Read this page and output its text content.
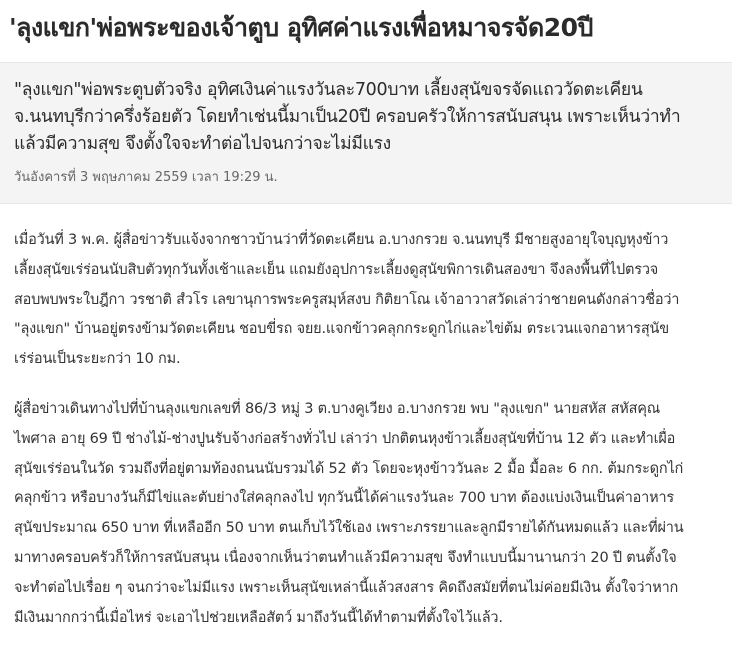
'ลุงแขก'พ่อพระของเจ้าตูบ อุทิศค่าแรงเพื่อหมาจรจัด20ปี

"ลุงแขก"พ่อพระตูบตัวจริง อุทิศเงินค่าแรงวันละ700บาท เลี้ยงสุนัขจรจัดแถววัดตะเคียน
จ.นนทบุรีกว่าครึ่งร้อยตัว โดยทำเช่นนี้มาเป็น20ปี ครอบครัวให้การสนับสนุน เพราะเห็นว่าทำ
แล้วมีความสุข จึงตั้งใจจะทำต่อไปจนกว่าจะไม่มีแรง

วันอังคารที่ 3 พฤษภาคม 2559 เวลา 19:29 น.

เมื่อวันที่ 3 พ.ค. ผู้สื่อข่าวรับแจ้งจากชาวบ้านว่าที่วัดตะเคียน อ.บางกรวย จ.นนทบุรี มีชายสูงอายุใจบุญหุงข้าว
เลี้ยงสุนัขเร่ร่อนนับสิบตัวทุกวันทั้งเช้าและเย็น แถมยังอุปการะเลี้ยงดูสุนัขพิการเดินสองขา จึงลงพื้นที่ไปตรวจ
สอบพบพระใบฎีกา วรชาติ สํวโร เลขานุการพระครูสมุห์สงบ กิติยาโณ เจ้าอาวาสวัดเล่าว่าชายคนดังกล่าวชื่อว่า
"ลุงแขก" บ้านอยู่ตรงข้ามวัดตะเคียน ชอบขี่รถ จยย.แจกข้าวคลุกกระดูกไก่และไข่ต้ม ตระเวนแจกอาหารสุนัข
เร่ร่อนเป็นระยะกว่า 10 กม.

ผู้สื่อข่าวเดินทางไปที่บ้านลุงแขกเลขที่ 86/3 หมู่ 3 ต.บางคูเวียง อ.บางกรวย พบ "ลุงแขก" นายสหัส สหัสคุณ
ไพศาล อายุ 69 ปี ช่างไม้-ช่างปูนรับจ้างก่อสร้างทั่วไป เล่าว่า ปกติตนหุงข้าวเลี้ยงสุนัขที่บ้าน 12 ตัว และทำเผื่อ
สุนัขเร่ร่อนในวัด รวมถึงที่อยู่ตามท้องถนนนับรวมได้ 52 ตัว โดยจะหุงข้าววันละ 2 มื้อ มื้อละ 6 กก. ต้มกระดูกไก่
คลุกข้าว หรือบางวันก็มีไข่และตับย่างใส่คลุกลงไป ทุกวันนี้ได้ค่าแรงวันละ 700 บาท ต้องแบ่งเงินเป็นค่าอาหาร
สุนัขประมาณ 650 บาท ที่เหลืออีก 50 บาท ตนเก็บไว้ใช้เอง เพราะภรรยาและลูกมีรายได้กันหมดแล้ว และที่ผ่าน
มาทางครอบครัวก็ให้การสนับสนุน เนื่องจากเห็นว่าตนทำแล้วมีความสุข จึงทำแบบนี้มานานกว่า 20 ปี ตนตั้งใจ
จะทำต่อไปเรื่อย ๆ จนกว่าจะไม่มีแรง เพราะเห็นสุนัขเหล่านี้แล้วสงสาร คิดถึงสมัยที่ตนไม่ค่อยมีเงิน ตั้งใจว่าหาก
มีเงินมากกว่านี้เมื่อไหร่ จะเอาไปช่วยเหลือสัตว์ มาถึงวันนี้ได้ทำตามที่ตั้งใจไว้แล้ว.
